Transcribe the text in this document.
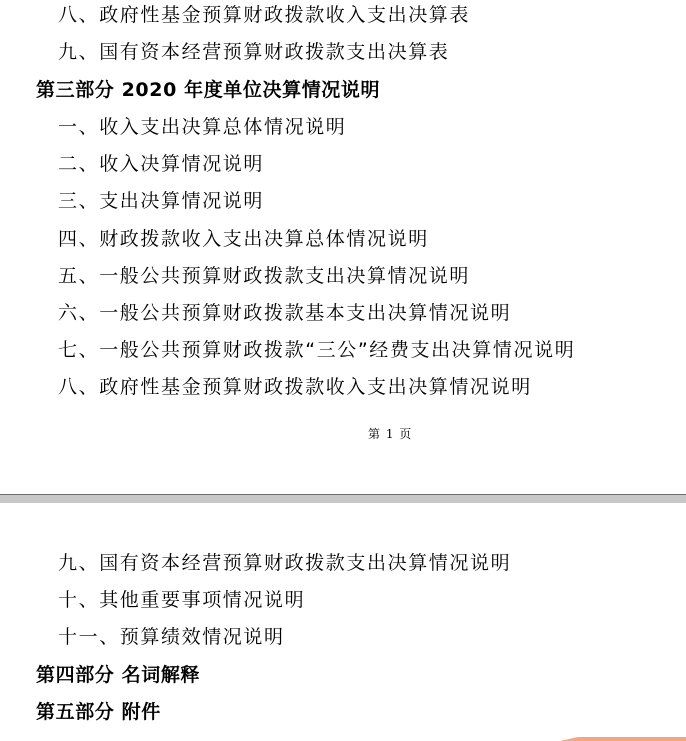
八、政府性基金预算财政拨款收入支出决算表
九、国有资本经营预算财政拨款支出决算表
第三部分 2020 年度单位决算情况说明
一、收入支出决算总体情况说明
二、收入决算情况说明
三、支出决算情况说明
四、财政拨款收入支出决算总体情况说明
五、一般公共预算财政拨款支出决算情况说明
六、一般公共预算财政拨款基本支出决算情况说明
七、一般公共预算财政拨款“三公”经费支出决算情况说明
八、政府性基金预算财政拨款收入支出决算情况说明
第 1 页
九、国有资本经营预算财政拨款支出决算情况说明
十、其他重要事项情况说明
十一、预算绩效情况说明
第四部分 名词解释
第五部分 附件
